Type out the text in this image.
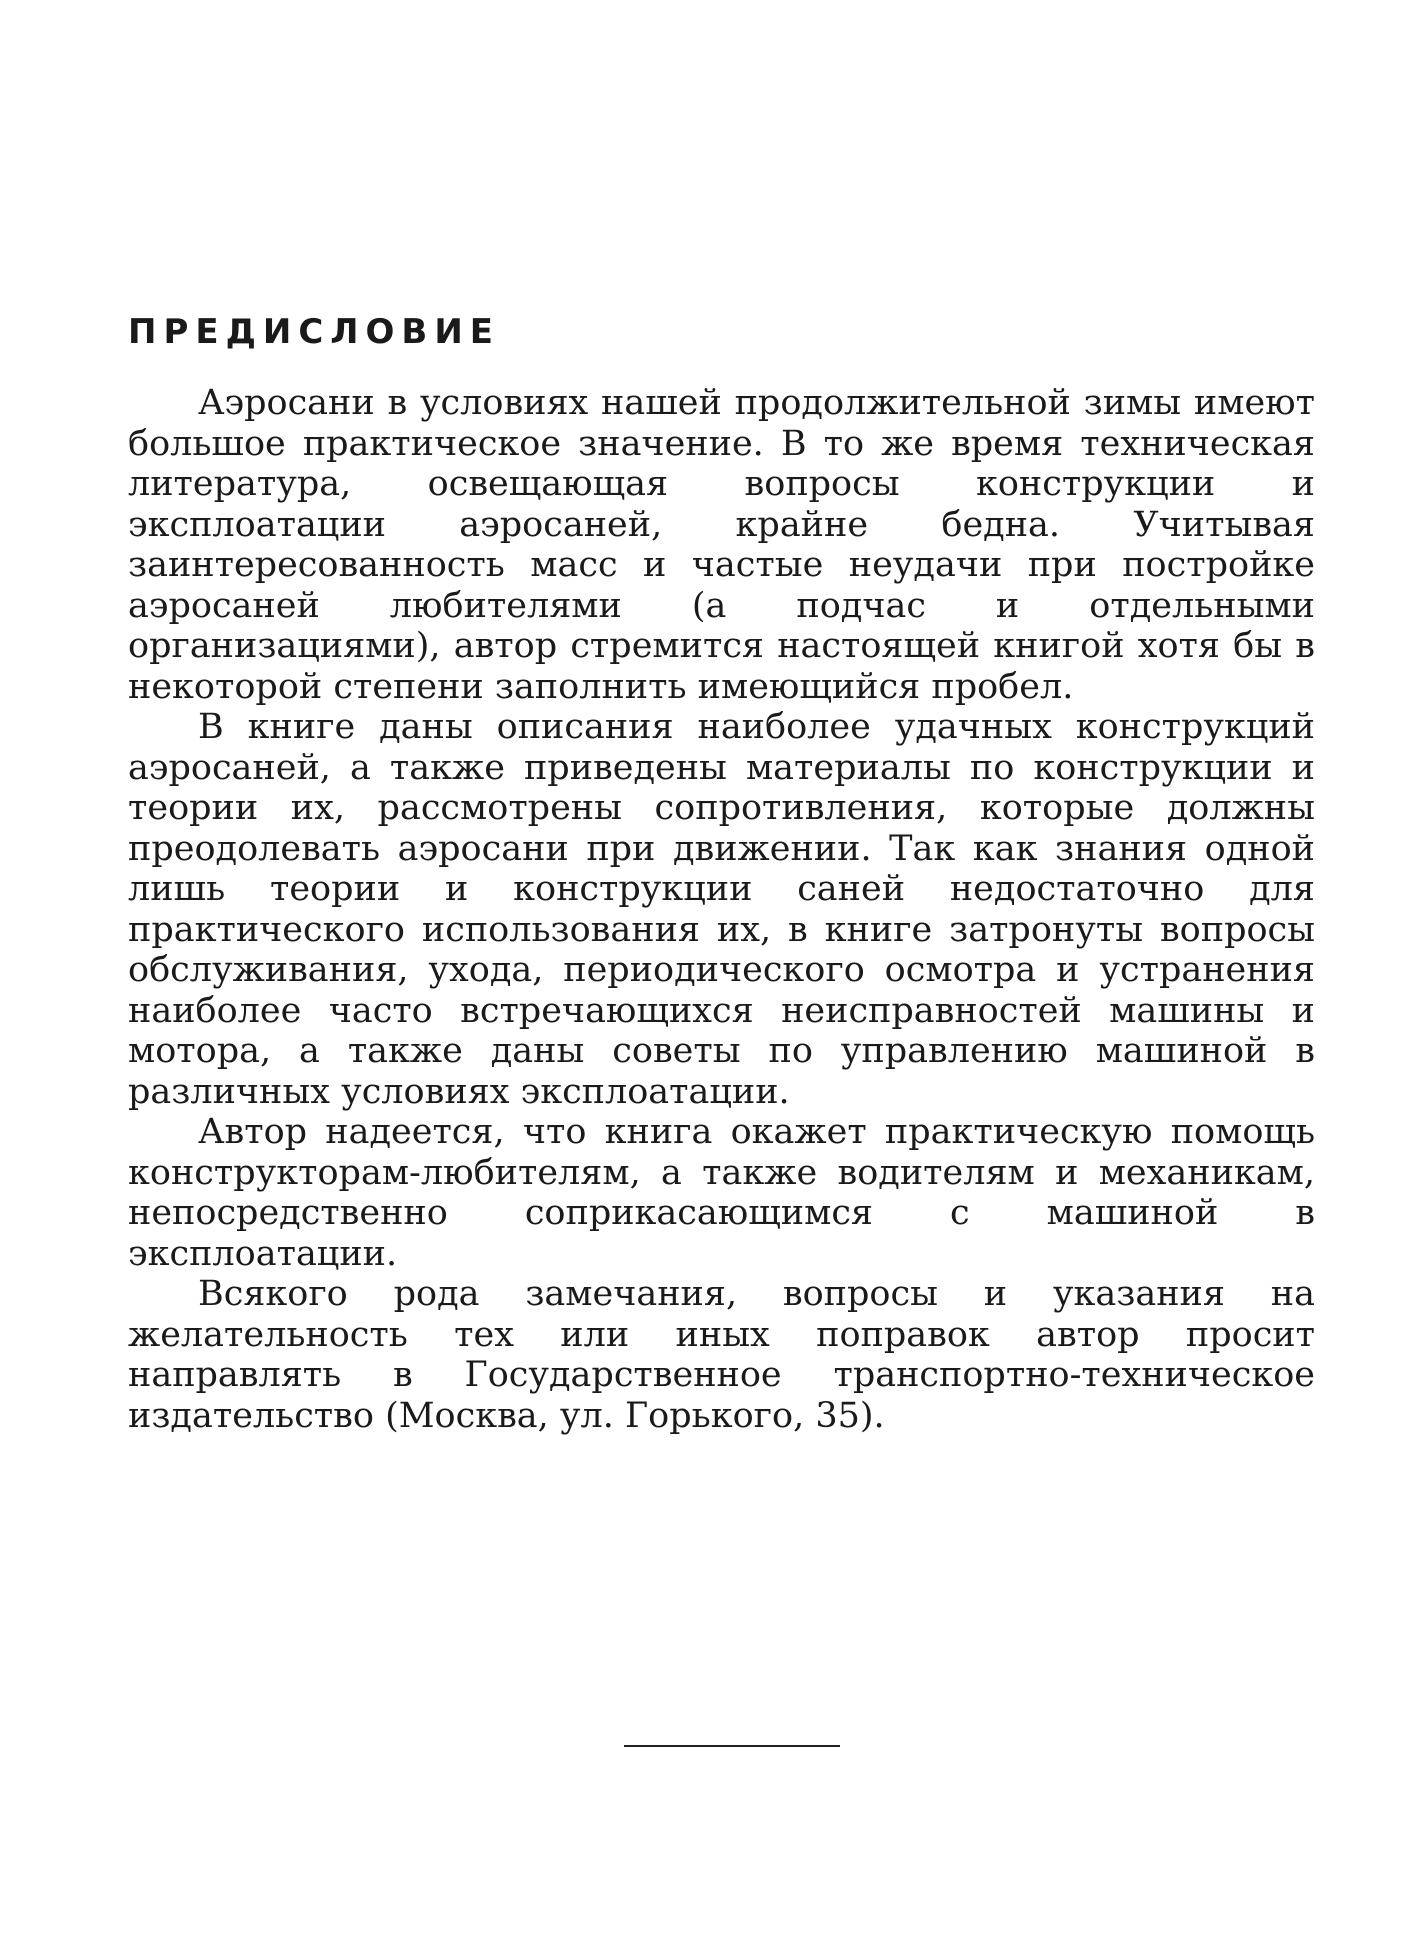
ПРЕДИСЛОВИЕ

Аэросани в условиях нашей продолжительной зимы имеют большое практическое значение. В то же время техническая литература, освещающая вопросы конструкции и эксплоатации аэросаней, крайне бедна. Учитывая заинтересованность масс и частые неудачи при постройке аэросаней любителями (а подчас и отдельными организациями), автор стремится настоящей книгой хотя бы в некоторой степени заполнить имеющийся пробел.

В книге даны описания наиболее удачных конструкций аэросаней, а также приведены материалы по конструкции и теории их, рассмотрены сопротивления, которые должны преодолевать аэросани при движении. Так как знания одной лишь теории и конструкции саней недостаточно для практического использования их, в книге затронуты вопросы обслуживания, ухода, периодического осмотра и устранения наиболее часто встречающихся неисправностей машины и мотора, а также даны советы по управлению машиной в различных условиях эксплоатации.

Автор надеется, что книга окажет практическую помощь конструкторам-любителям, а также водителям и механикам, непосредственно соприкасающимся с машиной в эксплоатации.

Всякого рода замечания, вопросы и указания на желательность тех или иных поправок автор просит направлять в Государственное транспортно-техническое издательство (Москва, ул. Горького, 35).
